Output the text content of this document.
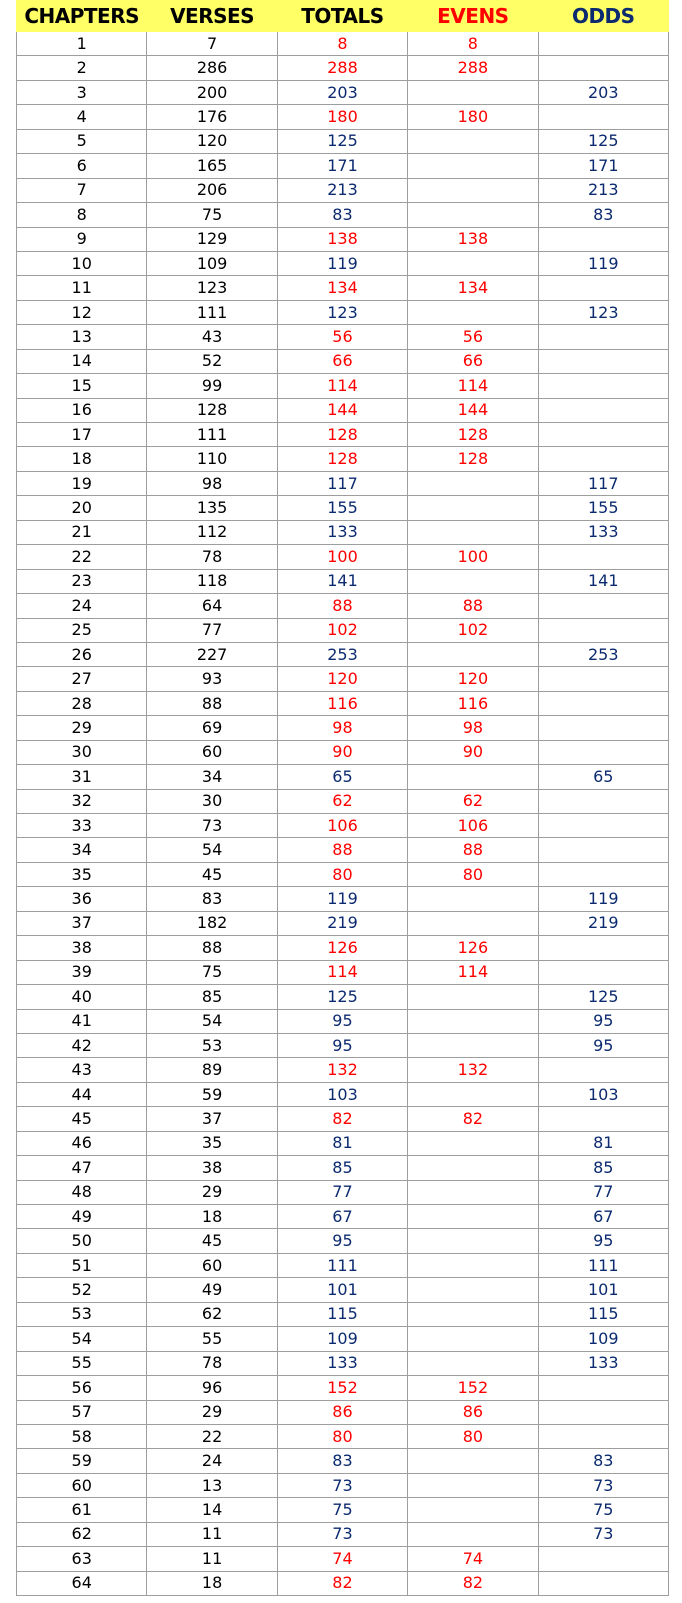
CHAPTERS	VERSES	TOTALS	EVENS	ODDS
1	7	8	8	
2	286	288	288	
3	200	203		203
4	176	180	180	
5	120	125		125
6	165	171		171
7	206	213		213
8	75	83		83
9	129	138	138	
10	109	119		119
11	123	134	134	
12	111	123		123
13	43	56	56	
14	52	66	66	
15	99	114	114	
16	128	144	144	
17	111	128	128	
18	110	128	128	
19	98	117		117
20	135	155		155
21	112	133		133
22	78	100	100	
23	118	141		141
24	64	88	88	
25	77	102	102	
26	227	253		253
27	93	120	120	
28	88	116	116	
29	69	98	98	
30	60	90	90	
31	34	65		65
32	30	62	62	
33	73	106	106	
34	54	88	88	
35	45	80	80	
36	83	119		119
37	182	219		219
38	88	126	126	
39	75	114	114	
40	85	125		125
41	54	95		95
42	53	95		95
43	89	132	132	
44	59	103		103
45	37	82	82	
46	35	81		81
47	38	85		85
48	29	77		77
49	18	67		67
50	45	95		95
51	60	111		111
52	49	101		101
53	62	115		115
54	55	109		109
55	78	133		133
56	96	152	152	
57	29	86	86	
58	22	80	80	
59	24	83		83
60	13	73		73
61	14	75		75
62	11	73		73
63	11	74	74	
64	18	82	82	
